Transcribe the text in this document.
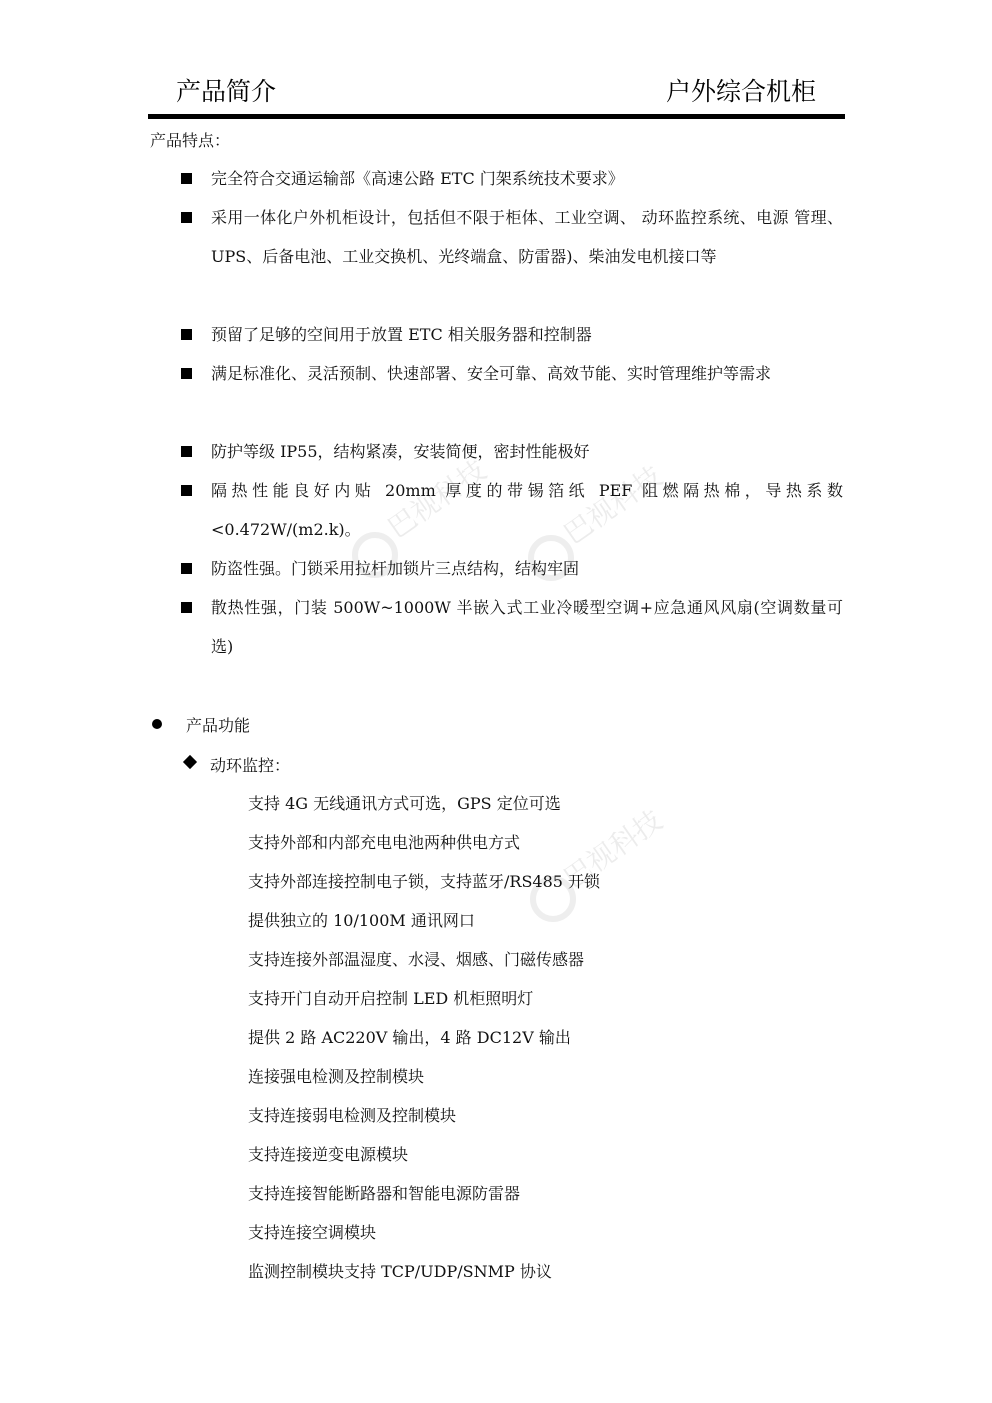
巴视科技 巴视科技
巴视科技
产品简介	户外综合机柜
产品特点：
完全符合交通运输部《高速公路 ETC 门架系统技术要求》
采用一体化户外机柜设计，包括但不限于柜体、工业空调、 动环监控系统、电源 管理、UPS、后备电池、工业交换机、光终端盒、防雷器)、柴油发电机接口等
预留了足够的空间用于放置 ETC 相关服务器和控制器
满足标准化、灵活预制、快速部署、安全可靠、高效节能、实时管理维护等需求
防护等级 IP55，结构紧凑，安装简便，密封性能极好
隔热性能良好内贴 20mm 厚度的带锡箔纸 PEF 阻燃隔热棉，导热系数<0.472W/(m2.k)。
防盗性强。门锁采用拉杆加锁片三点结构，结构牢固
散热性强，门装 500W~1000W 半嵌入式工业冷暖型空调+应急通风风扇(空调数量可选)
产品功能
动环监控：
支持 4G 无线通讯方式可选，GPS 定位可选
支持外部和内部充电电池两种供电方式
支持外部连接控制电子锁，支持蓝牙/RS485 开锁
提供独立的 10/100M 通讯网口
支持连接外部温湿度、水浸、烟感、门磁传感器
支持开门自动开启控制 LED 机柜照明灯
提供 2 路 AC220V 输出，4 路 DC12V 输出
连接强电检测及控制模块
支持连接弱电检测及控制模块
支持连接逆变电源模块
支持连接智能断路器和智能电源防雷器
支持连接空调模块
监测控制模块支持 TCP/UDP/SNMP 协议
